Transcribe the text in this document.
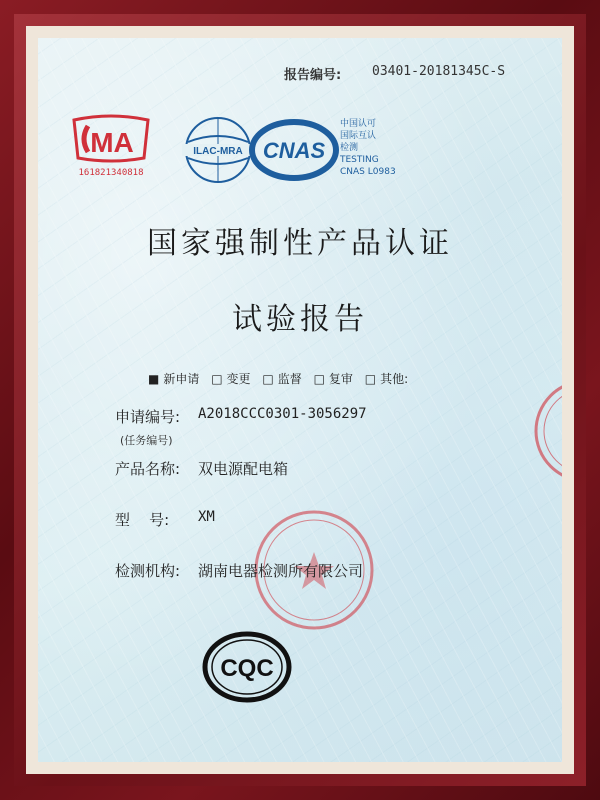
报告编号: 03401-20181345C-S
MA
161821340818
ILAC-MRA CNAS
中国认可
国际互认
检测
TESTING
CNAS L0983
国家强制性产品认证
试验报告
■ 新申请 □ 变更 □ 监督 □ 复审 □ 其他:
申请编号: A2018CCC0301-3056297
(任务编号)
产品名称: 双电源配电箱
型    号: XM
检测机构: 湖南电器检测所有限公司
CQC
